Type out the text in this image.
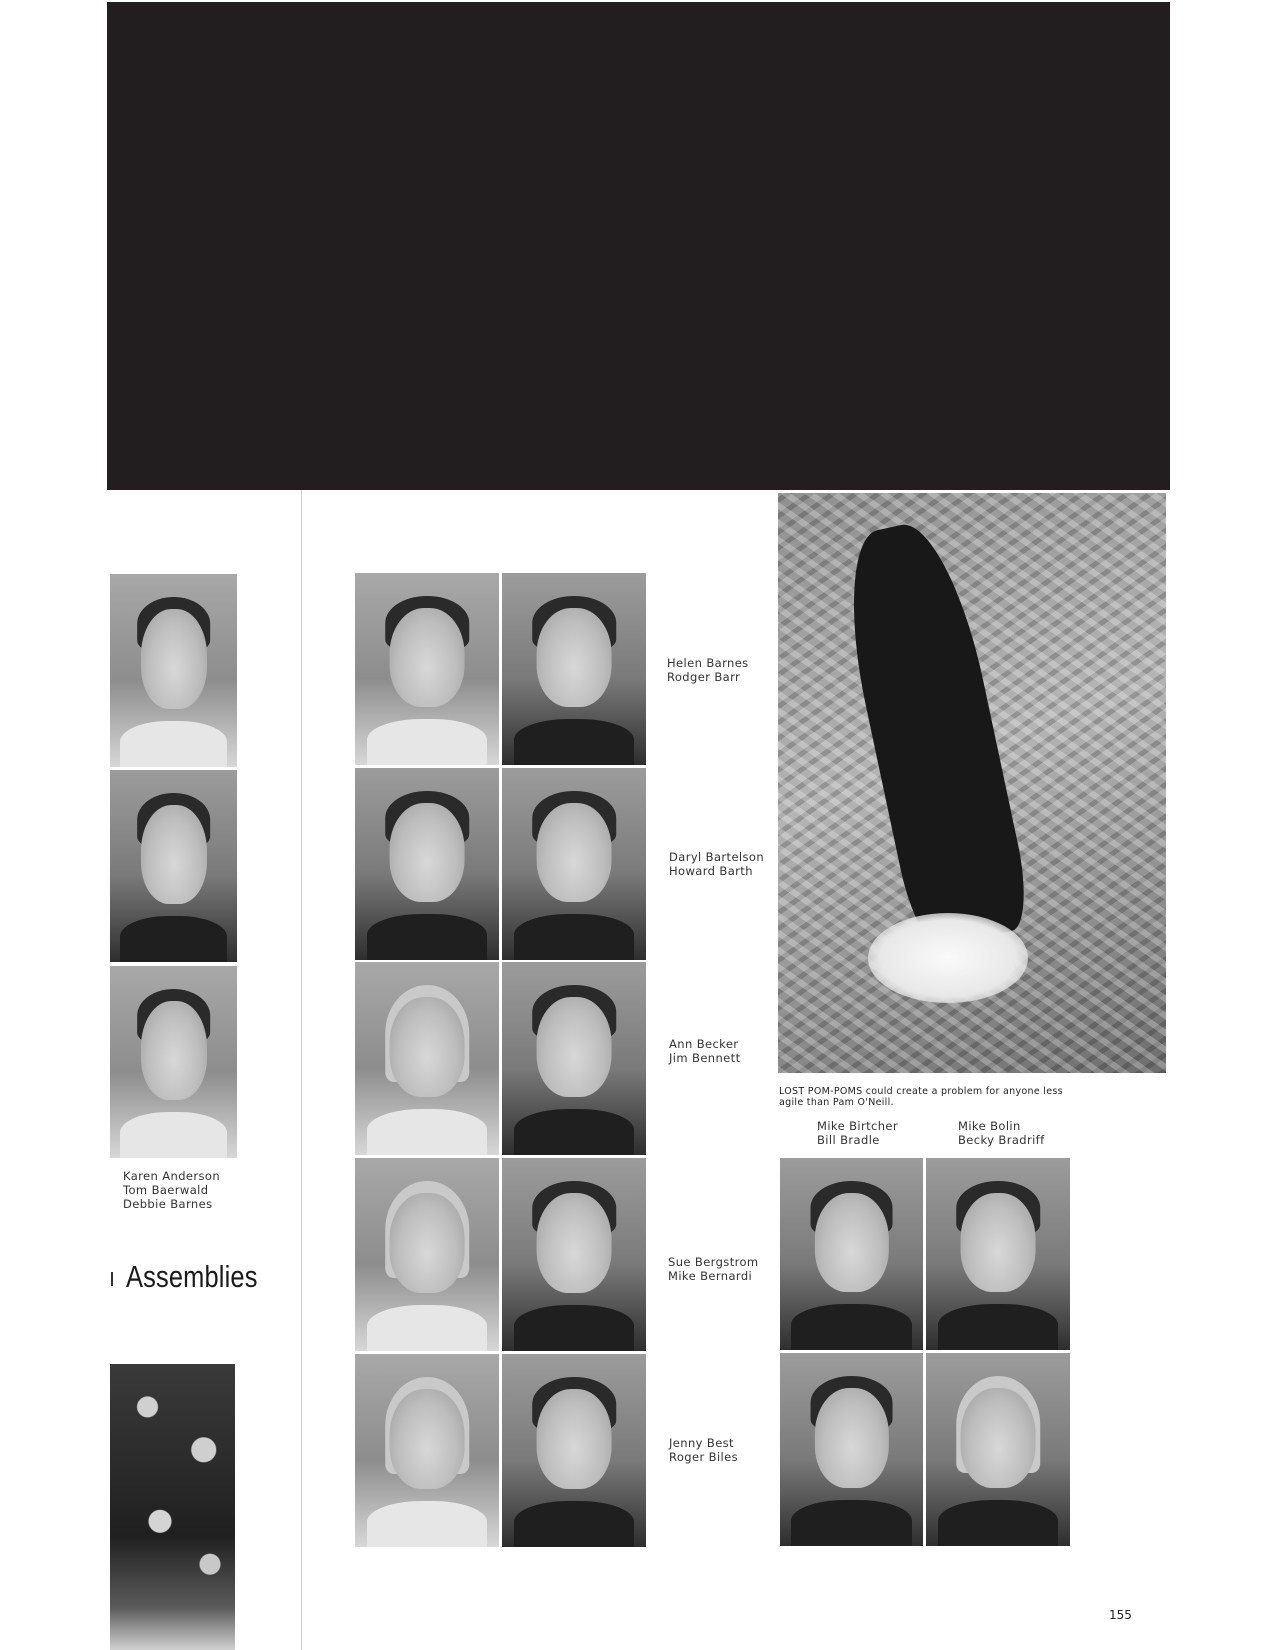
Karen Anderson
Tom Baerwald
Debbie Barnes
Assemblies
Helen Barnes
Rodger Barr
Daryl Bartelson
Howard Barth
Ann Becker
Jim Bennett
Sue Bergstrom
Mike Bernardi
Jenny Best
Roger Biles
LOST POM-POMS could create a problem for anyone less agile than Pam O'Neill.
Mike Birtcher
Bill Bradle
Mike Bolin
Becky Bradriff
155
